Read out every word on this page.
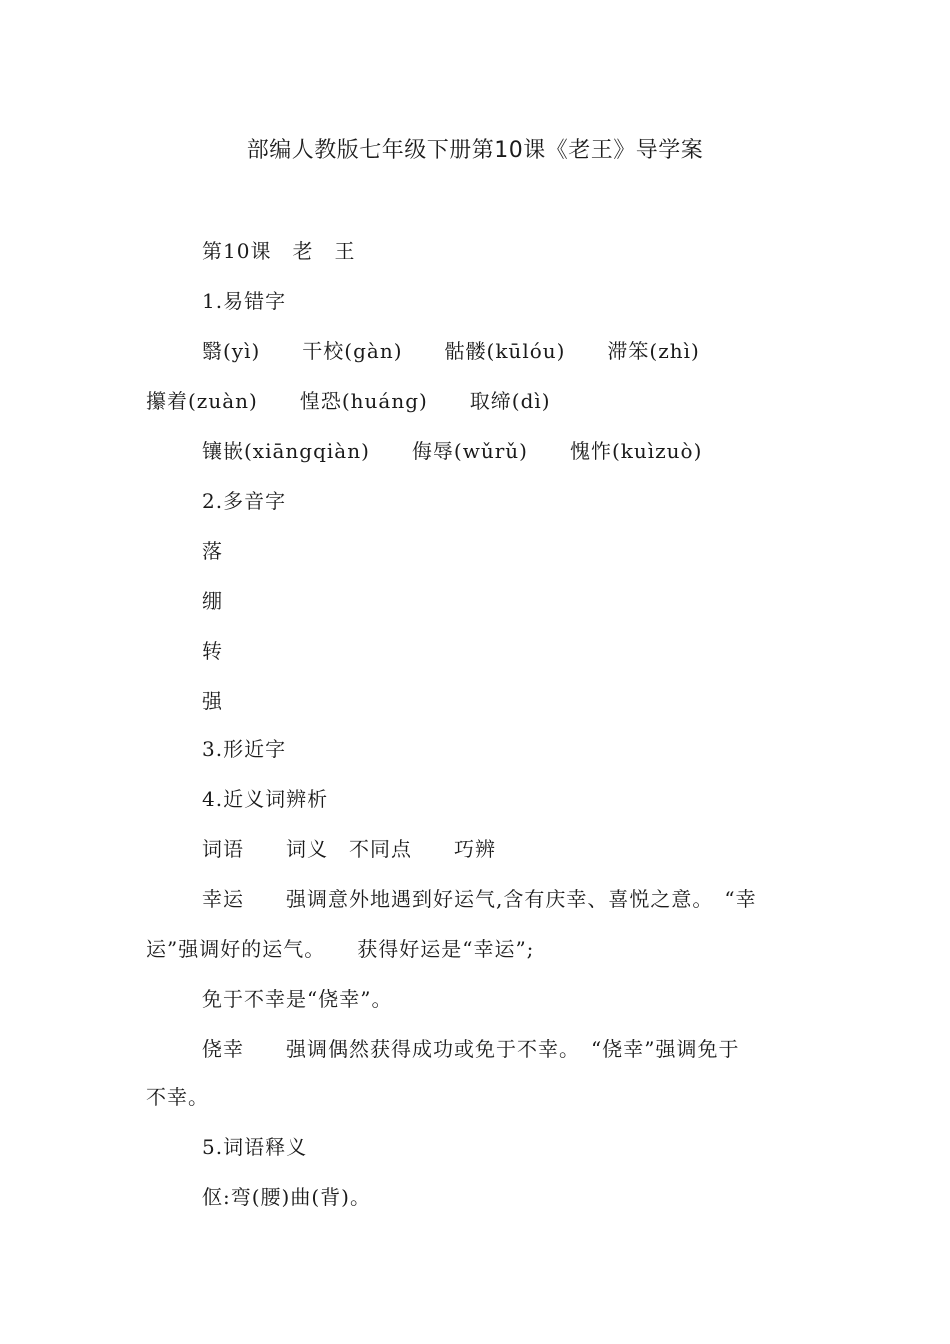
部编人教版七年级下册第10课《老王》导学案
第10课　老　王
1.易错字
翳(yì)　　干校(gàn)　　骷髅(kūlóu)　　滞笨(zhì)
攥着(zuàn)　　惶恐(huáng)　　取缔(dì)
镶嵌(xiāngqiàn)　　侮辱(wǔrǔ)　　愧怍(kuìzuò)
2.多音字
落
绷
转
强
3.形近字
4.近义词辨析
词语　　词义　不同点　　巧辨
幸运　　强调意外地遇到好运气,含有庆幸、喜悦之意。　“幸
运”强调好的运气。　　获得好运是“幸运”;
免于不幸是“侥幸”。
侥幸　　强调偶然获得成功或免于不幸。　“侥幸”强调免于
不幸。
5.词语释义
伛:弯(腰)曲(背)。
